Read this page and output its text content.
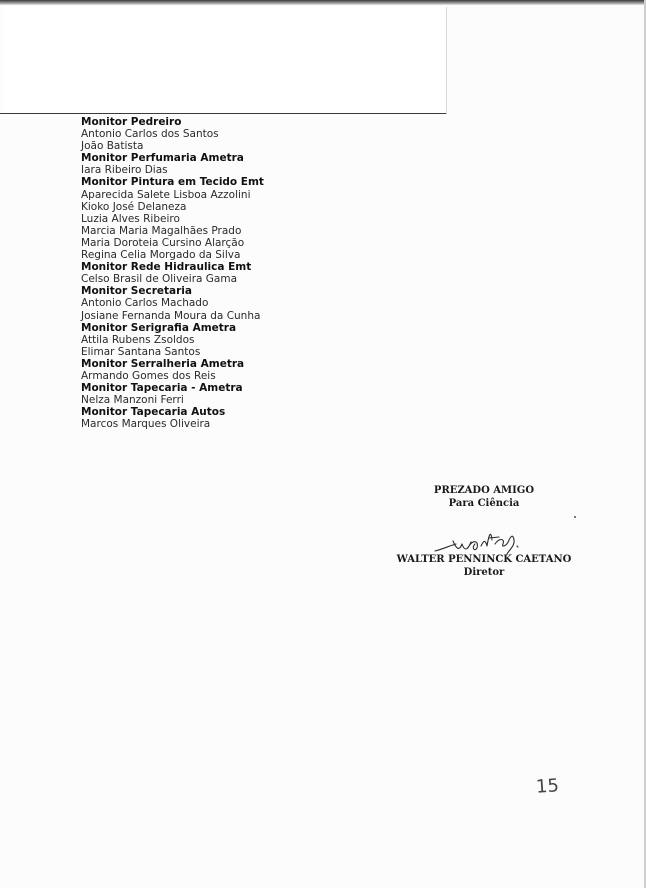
Monitor Pedreiro
Antonio Carlos dos Santos
João Batista
Monitor Perfumaria Ametra
Iara Ribeiro Dias
Monitor Pintura em Tecido Emt
Aparecida Salete Lisboa Azzolini
Kioko José Delaneza
Luzia Alves Ribeiro
Marcia Maria Magalhães Prado
Maria Doroteia Cursino Alarção
Regina Celia Morgado da Silva
Monitor Rede Hidraulica Emt
Celso Brasil de Oliveira Gama
Monitor Secretaria
Antonio Carlos Machado
Josiane Fernanda Moura da Cunha
Monitor Serigrafia Ametra
Attila Rubens Zsoldos
Elimar Santana Santos
Monitor Serralheria Ametra
Armando Gomes dos Reis
Monitor Tapecaria - Ametra
Nelza Manzoni Ferri
Monitor Tapecaria Autos
Marcos Marques Oliveira
PREZADO AMIGO
Para Ciência
WALTER PENNINCK CAETANO
Diretor
15
